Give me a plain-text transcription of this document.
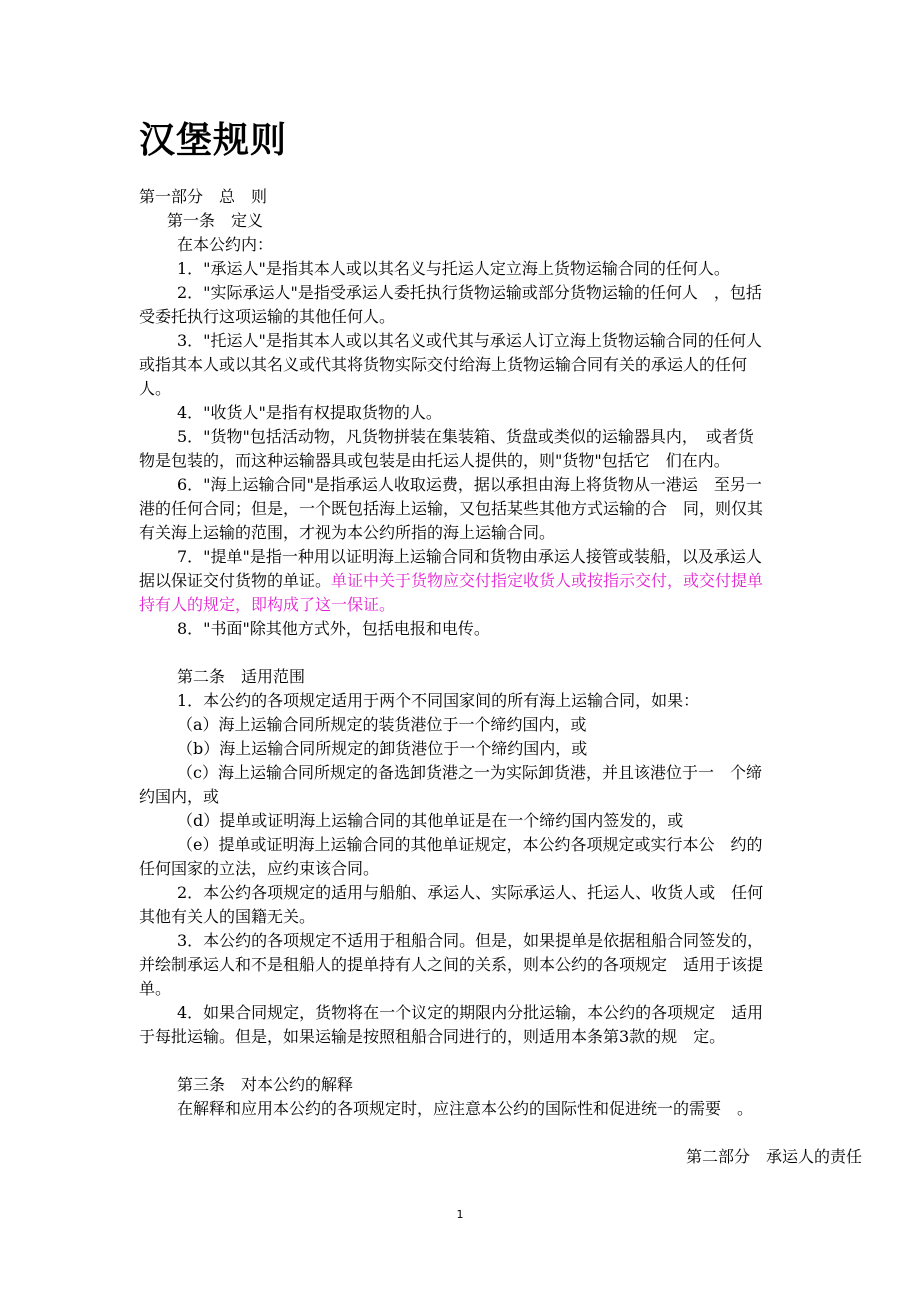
汉堡规则
第一部分　总　则
第一条　定义
在本公约内：
1．"承运人"是指其本人或以其名义与托运人定立海上货物运输合同的任何人。
2．"实际承运人"是指受承运人委托执行货物运输或部分货物运输的任何人　，包括
受委托执行这项运输的其他任何人。
3．"托运人"是指其本人或以其名义或代其与承运人订立海上货物运输合同的任何人
或指其本人或以其名义或代其将货物实际交付给海上货物运输合同有关的承运人的任何
人。
4．"收货人"是指有权提取货物的人。
5．"货物"包括活动物，凡货物拼装在集装箱、货盘或类似的运输器具内，　或者货
物是包装的，而这种运输器具或包装是由托运人提供的，则"货物"包括它　们在内。
6．"海上运输合同"是指承运人收取运费，据以承担由海上将货物从一港运　至另一
港的任何合同；但是，一个既包括海上运输，又包括某些其他方式运输的合　同，则仅其
有关海上运输的范围，才视为本公约所指的海上运输合同。
7．"提单"是指一种用以证明海上运输合同和货物由承运人接管或装船，以及承运人
据以保证交付货物的单证。单证中关于货物应交付指定收货人或按指示交付，或交付提单
持有人的规定，即构成了这一保证。
8．"书面"除其他方式外，包括电报和电传。
第二条　适用范围
1．本公约的各项规定适用于两个不同国家间的所有海上运输合同，如果：
（a）海上运输合同所规定的装货港位于一个缔约国内，或
（b）海上运输合同所规定的卸货港位于一个缔约国内，或
（c）海上运输合同所规定的备选卸货港之一为实际卸货港，并且该港位于一　个缔
约国内，或
（d）提单或证明海上运输合同的其他单证是在一个缔约国内签发的，或
（e）提单或证明海上运输合同的其他单证规定，本公约各项规定或实行本公　约的
任何国家的立法，应约束该合同。
2．本公约各项规定的适用与船舶、承运人、实际承运人、托运人、收货人或　任何
其他有关人的国籍无关。
3．本公约的各项规定不适用于租船合同。但是，如果提单是依据租船合同签发的，
并绘制承运人和不是租船人的提单持有人之间的关系，则本公约的各项规定　适用于该提
单。
4．如果合同规定，货物将在一个议定的期限内分批运输，本公约的各项规定　适用
于每批运输。但是，如果运输是按照租船合同进行的，则适用本条第3款的规　定。
第三条　对本公约的解释
在解释和应用本公约的各项规定时，应注意本公约的国际性和促进统一的需要　。
第二部分　承运人的责任
1
